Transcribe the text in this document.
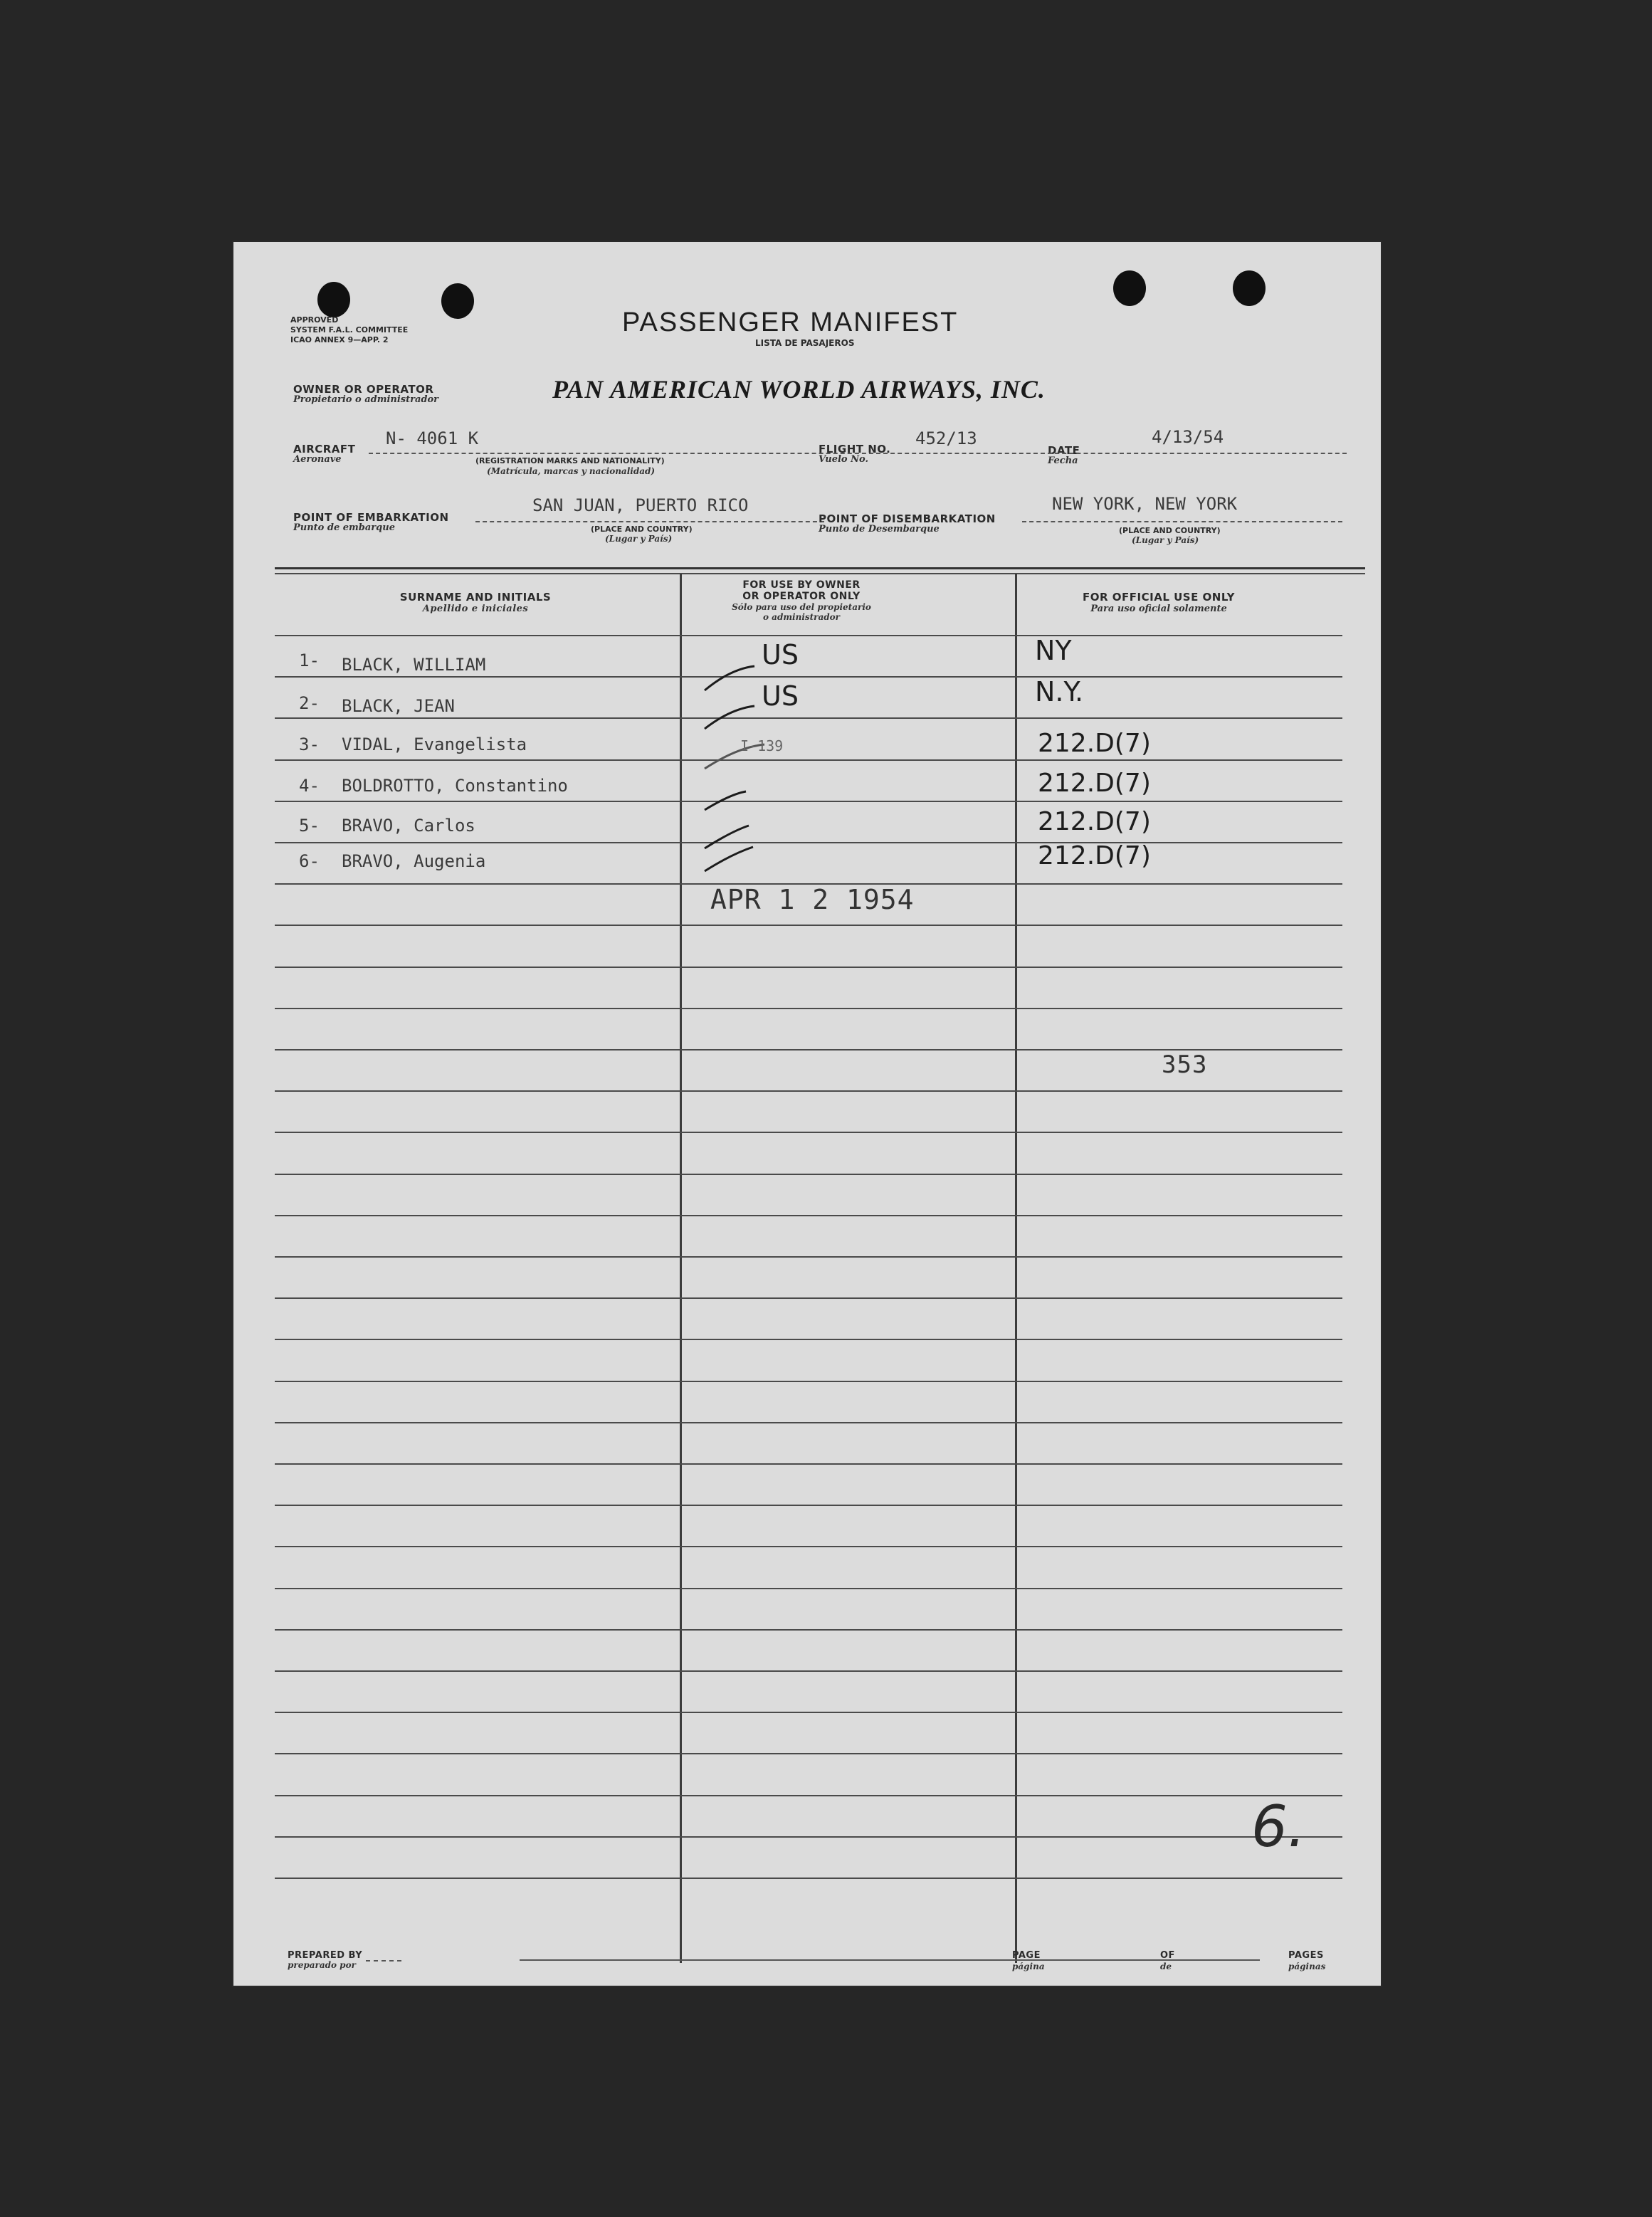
APPROVED
SYSTEM F.A.L. COMMITTEE
ICAO ANNEX 9—APP. 2
PASSENGER MANIFEST
LISTA DE PASAJEROS
OWNER OR OPERATOR
Propietario o administrador	PAN AMERICAN WORLD AIRWAYS, INC.
AIRCRAFT
Aeronave
N- 4061 K
(REGISTRATION MARKS AND NATIONALITY)
(Matrícula, marcas y nacionalidad)
FLIGHT NO.
Vuelo No.
452/13
DATE
Fecha
4/13/54
POINT OF EMBARKATION
Punto de embarque
SAN JUAN, PUERTO RICO
(PLACE AND COUNTRY)
(Lugar y País)
POINT OF DISEMBARKATION
Punto de Desembarque
NEW YORK, NEW YORK
(PLACE AND COUNTRY)
(Lugar y País)
SURNAME AND INITIALS
Apellido e iniciales
FOR USE BY OWNER
OR OPERATOR ONLY
Sólo para uso del propietario
o administrador
FOR OFFICIAL USE ONLY
Para uso oficial solamente
1- BLACK, WILLIAM
2- BLACK, JEAN
3- VIDAL, Evangelista
4- BOLDROTTO, Constantino
5- BRAVO, Carlos
6- BRAVO, Augenia
US
US
I-139
NY
N.Y.
212.D(7)
212.D(7)
212.D(7)
212.D(7)
APR 1 2 1954
353
6.
PREPARED BY
preparado por
PAGE
página
OF
de
PAGES
páginas
